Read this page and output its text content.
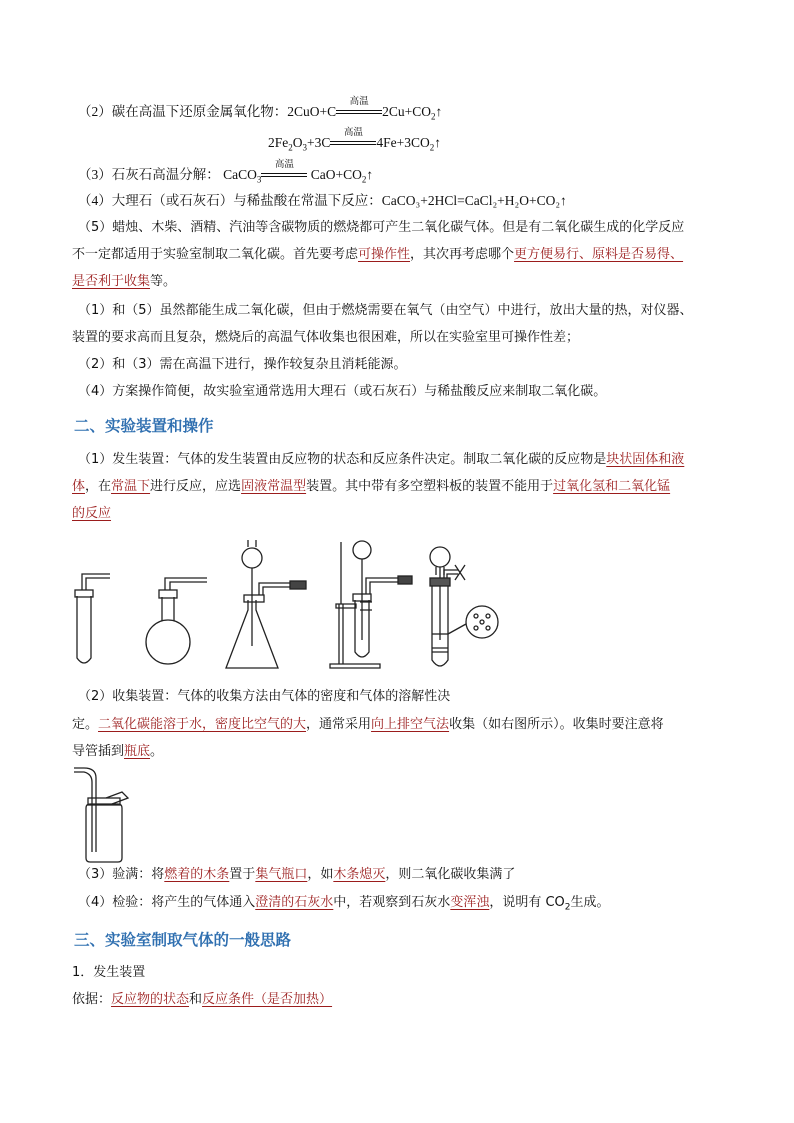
（2）碳在高温下还原金属氧化物：2CuO+C
高温
$2Cu+CO_2↑$
$2Fe_2O_3+3C$
高温
$4Fe+3CO_2↑$
（3）石灰石高温分解： CaCO$_3$
高温
$CaO+CO_2↑$
（4）大理石（或石灰石）与稀盐酸在常温下反应：CaCO₃+2HCl=CaCl₂+H₂O+CO₂↑
（5）蜡烛、木柴、酒精、汽油等含碳物质的燃烧都可产生二氧化碳气体。但是有二氧化碳生成的化学反应
不一定都适用于实验室制取二氧化碳。首先要考虑可操作性，其次再考虑哪个更方便易行、原料是否易得、
是否利于收集等。
（1）和（5）虽然都能生成二氧化碳，但由于燃烧需要在氧气（由空气）中进行，放出大量的热，对仪器、
装置的要求高而且复杂，燃烧后的高温气体收集也很困难，所以在实验室里可操作性差；
（2）和（3）需在高温下进行，操作较复杂且消耗能源。
（4）方案操作简便，故实验室通常选用大理石（或石灰石）与稀盐酸反应来制取二氧化碳。
二、实验装置和操作
（1）发生装置：气体的发生装置由反应物的状态和反应条件决定。制取二氧化碳的反应物是块状固体和液
体，在常温下进行反应，应选固液常温型装置。其中带有多空塑料板的装置不能用于过氧化氢和二氧化锰
的反应
（2）收集装置：气体的收集方法由气体的密度和气体的溶解性决
定。二氧化碳能溶于水，密度比空气的大，通常采用向上排空气法收集（如右图所示）。收集时要注意将
导管插到瓶底。
（3）验满：将燃着的木条置于集气瓶口，如木条熄灭，则二氧化碳收集满了
（4）检验：将产生的气体通入澄清的石灰水中，若观察到石灰水变浑浊，说明有 $CO_2$生成。
三、实验室制取气体的一般思路
1．发生装置
依据：反应物的状态和反应条件（是否加热）
